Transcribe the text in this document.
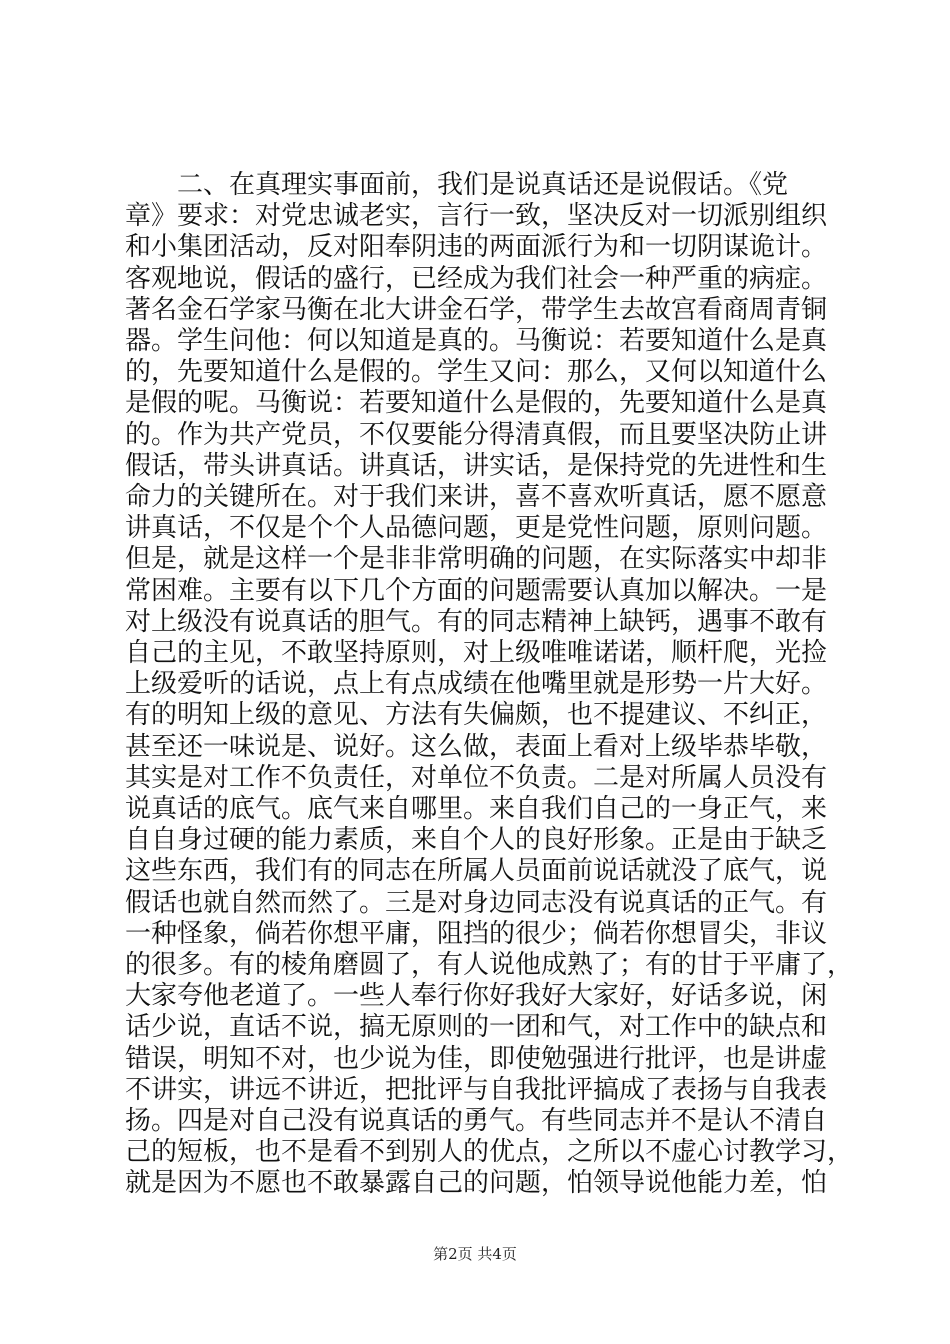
　　二、在真理实事面前，我们是说真话还是说假话。《党
章》要求：对党忠诚老实，言行一致，坚决反对一切派别组织
和小集团活动，反对阳奉阴违的两面派行为和一切阴谋诡计。
客观地说，假话的盛行，已经成为我们社会一种严重的病症。
著名金石学家马衡在北大讲金石学，带学生去故宫看商周青铜
器。学生问他：何以知道是真的。马衡说：若要知道什么是真
的，先要知道什么是假的。学生又问：那么，又何以知道什么
是假的呢。马衡说：若要知道什么是假的，先要知道什么是真
的。作为共产党员，不仅要能分得清真假，而且要坚决防止讲
假话，带头讲真话。讲真话，讲实话，是保持党的先进性和生
命力的关键所在。对于我们来讲，喜不喜欢听真话，愿不愿意
讲真话，不仅是个个人品德问题，更是党性问题，原则问题。
但是，就是这样一个是非非常明确的问题，在实际落实中却非
常困难。主要有以下几个方面的问题需要认真加以解决。一是
对上级没有说真话的胆气。有的同志精神上缺钙，遇事不敢有
自己的主见，不敢坚持原则，对上级唯唯诺诺，顺杆爬，光捡
上级爱听的话说，点上有点成绩在他嘴里就是形势一片大好。
有的明知上级的意见、方法有失偏颇，也不提建议、不纠正，
甚至还一味说是、说好。这么做，表面上看对上级毕恭毕敬，
其实是对工作不负责任，对单位不负责。二是对所属人员没有
说真话的底气。底气来自哪里。来自我们自己的一身正气，来
自自身过硬的能力素质，来自个人的良好形象。正是由于缺乏
这些东西，我们有的同志在所属人员面前说话就没了底气，说
假话也就自然而然了。三是对身边同志没有说真话的正气。有
一种怪象，倘若你想平庸，阻挡的很少；倘若你想冒尖，非议
的很多。有的棱角磨圆了，有人说他成熟了；有的甘于平庸了，
大家夸他老道了。一些人奉行你好我好大家好，好话多说，闲
话少说，直话不说，搞无原则的一团和气，对工作中的缺点和
错误，明知不对，也少说为佳，即使勉强进行批评，也是讲虚
不讲实，讲远不讲近，把批评与自我批评搞成了表扬与自我表
扬。四是对自己没有说真话的勇气。有些同志并不是认不清自
己的短板，也不是看不到别人的优点，之所以不虚心讨教学习，
就是因为不愿也不敢暴露自己的问题，怕领导说他能力差，怕
第2页 共4页
